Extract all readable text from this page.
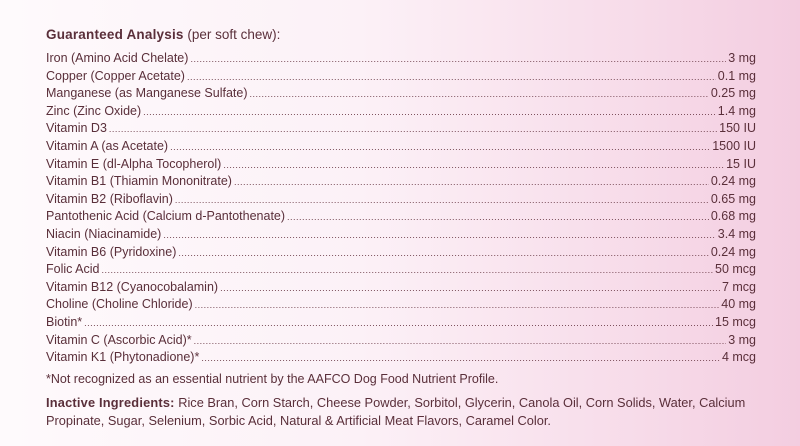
Guaranteed Analysis (per soft chew):
Iron (Amino Acid Chelate) .....	3 mg
Copper (Copper Acetate) .....	0.1 mg
Manganese (as Manganese Sulfate) .....	0.25 mg
Zinc (Zinc Oxide) .....	1.4 mg
Vitamin D3 .....	150 IU
Vitamin A (as Acetate) .....	1500 IU
Vitamin E (dl-Alpha Tocopherol) .....	15 IU
Vitamin B1 (Thiamin Mononitrate) .....	0.24 mg
Vitamin B2 (Riboflavin) .....	0.65 mg
Pantothenic Acid (Calcium d-Pantothenate) .....	0.68 mg
Niacin (Niacinamide) .....	3.4 mg
Vitamin B6 (Pyridoxine) .....	0.24 mg
Folic Acid .....	50 mcg
Vitamin B12 (Cyanocobalamin) .....	7 mcg
Choline (Choline Chloride) .....	40 mg
Biotin* .....	15 mcg
Vitamin C (Ascorbic Acid)* .....	3 mg
Vitamin K1 (Phytonadione)* .....	4 mcg
*Not recognized as an essential nutrient by the AAFCO Dog Food Nutrient Profile.
Inactive Ingredients: Rice Bran, Corn Starch, Cheese Powder, Sorbitol, Glycerin, Canola Oil, Corn Solids, Water, Calcium Propinate, Sugar, Selenium, Sorbic Acid, Natural & Artificial Meat Flavors, Caramel Color.
